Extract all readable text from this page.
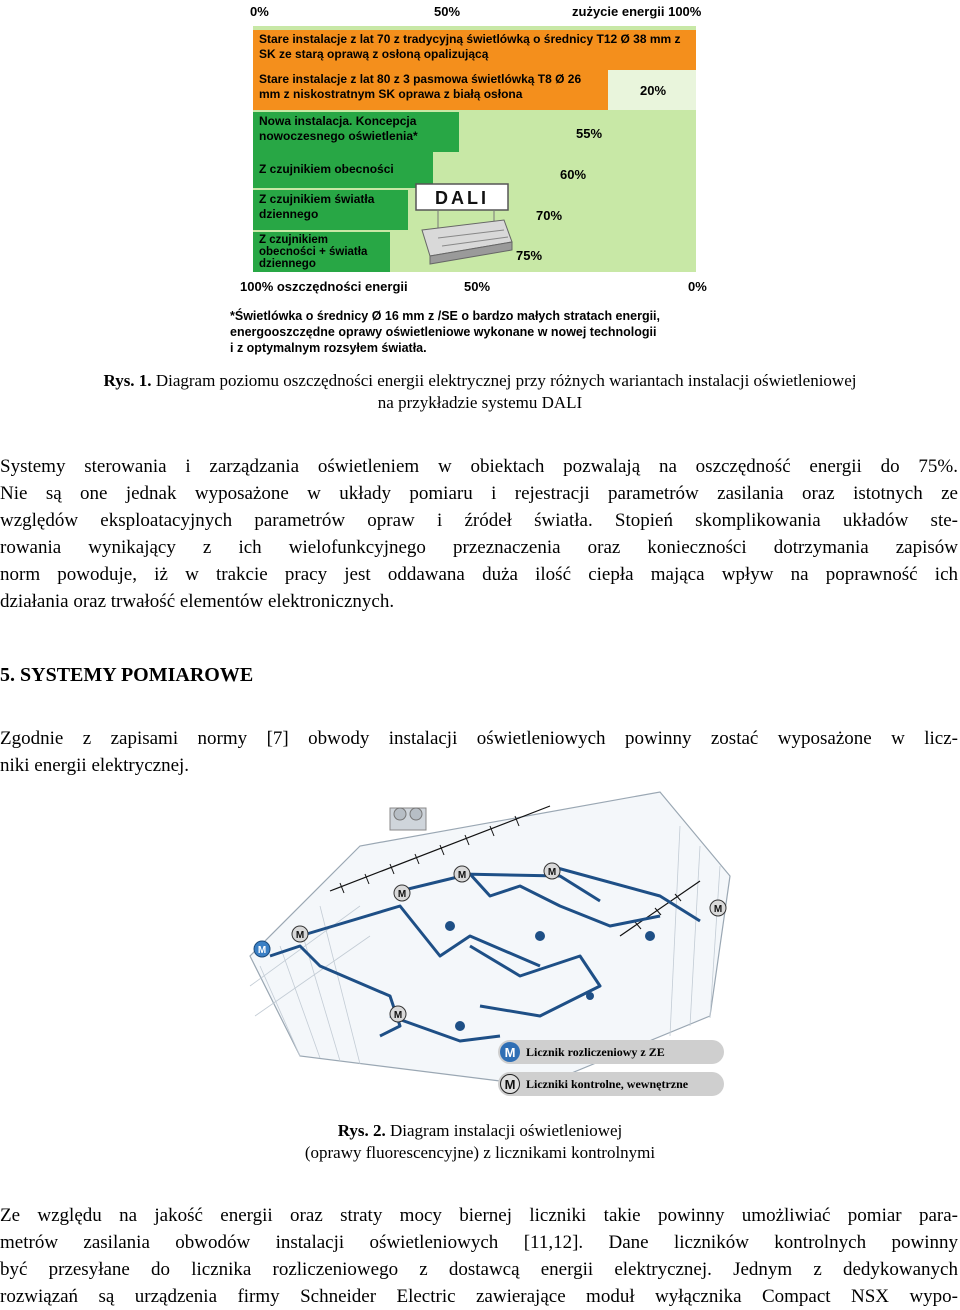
0%	50%	zużycie energii 100%
Stare instalacje z lat 70 z tradycyjną świetlówką o średnicy T12 Ø 38 mm z SK ze starą oprawą z osłoną opalizującą
Stare instalacje z lat 80 z 3 pasmowa świetlówką T8 Ø 26 mm z niskostratnym SK oprawa z białą osłona
Nowa instalacja. Koncepcja nowoczesnego oświetlenia*
Z czujnikiem obecności
Z czujnikiem światła dziennego
Z czujnikiem obecności + światła dziennego
20%
55%
60%
70%
75%
DALI
100% oszczędności energii	50%	0%
*Świetlówka o średnicy Ø 16 mm z /SE o bardzo małych stratach energii,
energooszczędne oprawy oświetleniowe wykonane w nowej technologii
i z optymalnym rozsyłem światła.
Rys. 1. Diagram poziomu oszczędności energii elektrycznej przy różnych wariantach instalacji oświetleniowej
na przykładzie systemu DALI
Systemy sterowania i zarządzania oświetleniem w obiektach pozwalają na oszczędność energii do 75%.
Nie są one jednak wyposażone w układy pomiaru i rejestracji parametrów zasilania oraz istotnych ze
względów eksploatacyjnych parametrów opraw i źródeł światła. Stopień skomplikowania układów ste-
rowania wynikający z ich wielofunkcyjnego przeznaczenia oraz konieczności dotrzymania zapisów
norm powoduje, iż w trakcie pracy jest oddawana duża ilość ciepła mająca wpływ na poprawność ich
działania oraz trwałość elementów elektronicznych.
5. SYSTEMY POMIAROWE
Zgodnie z zapisami normy [7] obwody instalacji oświetleniowych powinny zostać wyposażone w licz-
niki energii elektrycznej.
M
M
M
M	M
M
M
M Licznik rozliczeniowy z ZE
M Liczniki kontrolne, wewnętrzne
Rys. 2. Diagram instalacji oświetleniowej
(oprawy fluorescencyjne) z licznikami kontrolnymi
Ze względu na jakość energii oraz straty mocy biernej liczniki takie powinny umożliwiać pomiar para-
metrów zasilania obwodów instalacji oświetleniowych [11,12]. Dane liczników kontrolnych powinny
być przesyłane do licznika rozliczeniowego z dostawcą energii elektrycznej. Jednym z dedykowanych
rozwiązań są urządzenia firmy Schneider Electric zawierające moduł wyłącznika Compact NSX wypo-
